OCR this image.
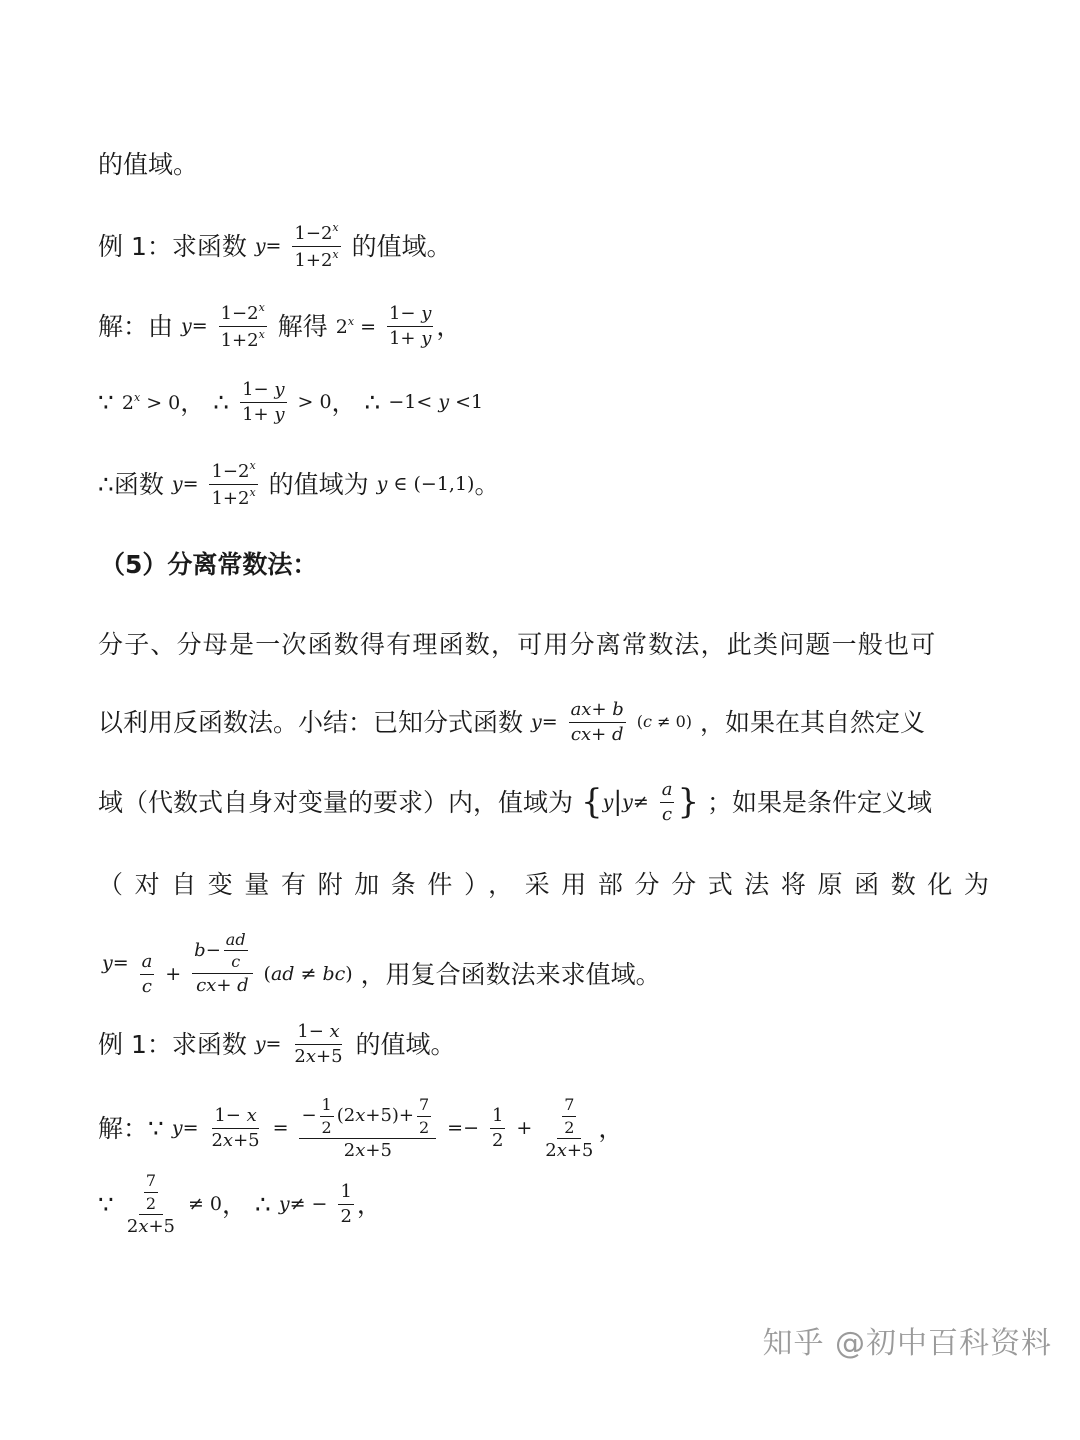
的值域。
例 1：求函数 $y= \frac{1-2^x}{1+2^x}$ 的值域。
解：由 $y= \frac{1-2^x}{1+2^x}$ 解得 $2^x = \frac{1- y}{1+ y}$ ，
∵ $2^x > 0$， ∴ $\frac{1- y}{1+ y} > 0$， ∴ −1< y <1
∴函数 $y= \frac{1-2^x}{1+2^x}$ 的值域为 y ∈ (−1,1)。
（5）分离常数法：
分子、分母是一次函数得有理函数，可用分离常数法，此类问题一般也可
以利用反函数法。小结：已知分式函数 $y= \frac{ax+ b}{cx+ d} (c \ne 0)$ ，如果在其自然定义
域（代数式自身对变量的要求）内，值域为 {$y|y\ne \frac{a}{c}$ } ；如果是条件定义域
（对自变量有附加条件），采用部分分式法将原函数化为
$y= \frac{a}{c} + \frac{b- \frac{ad}{c}}{cx+ d} (ad \ne bc)$ ，用复合函数法来求值域。
例 1：求函数 $y= \frac{1- x}{2x+5}$ 的值域。
解：∵ $y= \frac{1- x}{2x+5} = \frac{- \frac{1}{2} (2x+5)+ \frac{7}{2}}{2x+5} =- \frac{1}{2} + \frac{\frac{7}{2}}{2x+5}$ ，
∵ $\frac{\frac{7}{2}}{2x+5} \ne 0$， ∴ $y\ne - \frac{1}{2}$ ，
知乎 @初中百科资料
